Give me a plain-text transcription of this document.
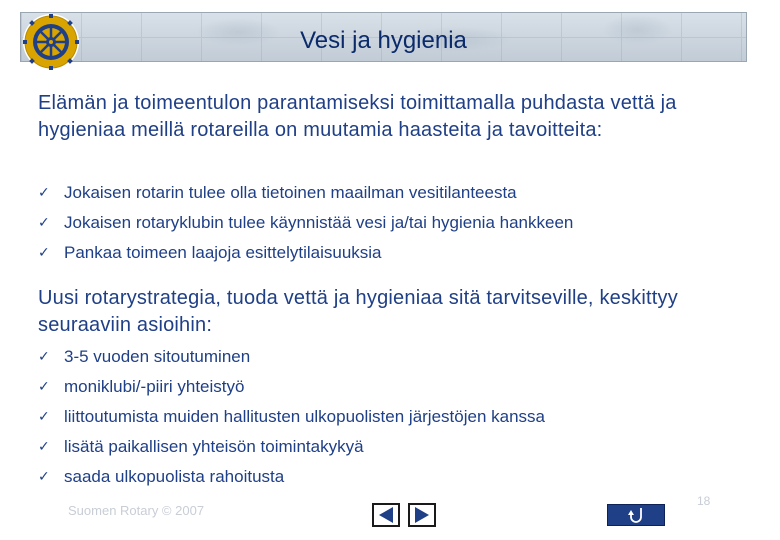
Vesi ja hygienia
Elämän ja toimeentulon parantamiseksi toimittamalla puhdasta vettä ja hygieniaa meillä rotareilla on muutamia haasteita ja tavoitteita:
✓ Jokaisen rotarin tulee olla tietoinen maailman vesitilanteesta
✓ Jokaisen rotaryklubin tulee käynnistää vesi ja/tai hygienia hankkeen
✓ Pankaa toimeen laajoja esittelytilaisuuksia
Uusi rotarystrategia, tuoda vettä ja hygieniaa sitä tarvitseville, keskittyy seuraaviin asioihin:
✓ 3-5 vuoden sitoutuminen
✓ moniklubi/-piiri yhteistyö
✓ liittoutumista muiden hallitusten ulkopuolisten järjestöjen kanssa
✓ lisätä paikallisen yhteisön toimintakykyä
✓ saada ulkopuolista rahoitusta
Suomen Rotary © 2007
18
